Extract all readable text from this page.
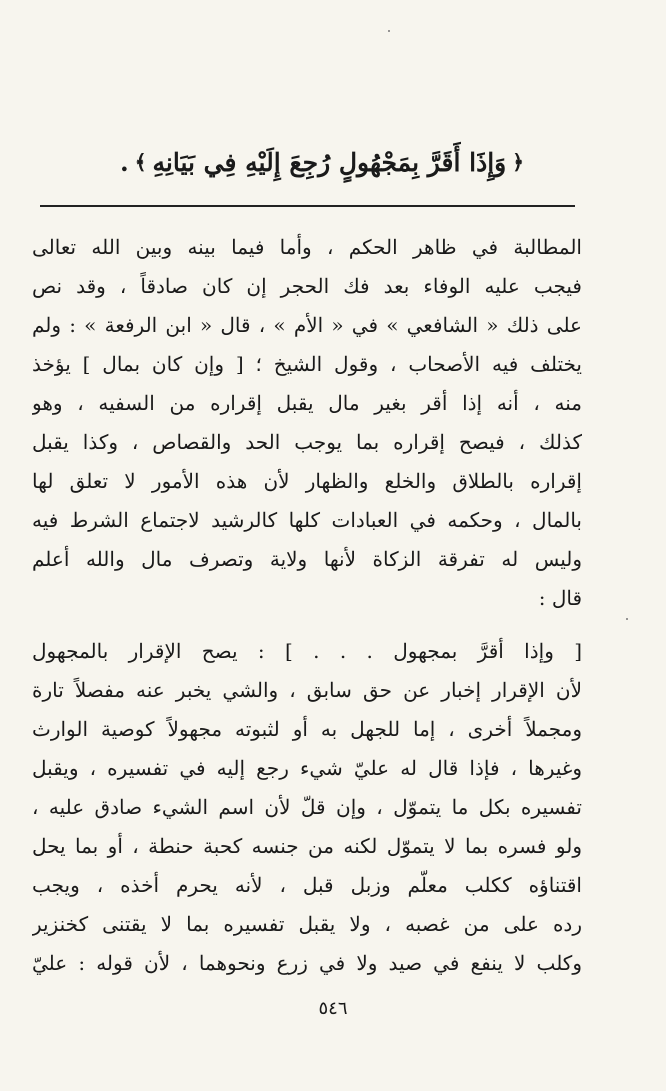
﴿
وَإِذَا أَقَرَّ بِمَجْهُولٍ رُجِعَ إِلَيْهِ فِي بَيَانِهِ
﴾
.
المطالبة في ظاهر الحكم ، وأما فيما بينه وبين الله تعالى
فيجب عليه الوفاء بعد فك الحجر إن كان صادقاً ، وقد نص
على ذلك « الشافعي » في « الأم » ، قال « ابن الرفعة » : ولم
يختلف فيه الأصحاب ، وقول الشيخ ؛ [ وإن كان بمال ] يؤخذ
منه ، أنه إذا أقر بغير مال يقبل إقراره من السفيه ، وهو
كذلك ، فيصح إقراره بما يوجب الحد والقصاص ، وكذا يقبل
إقراره بالطلاق والخلع والظهار لأن هذه الأمور لا تعلق لها
بالمال ، وحكمه في العبادات كلها كالرشيد لاجتماع الشرط فيه
وليس له تفرقة الزكاة لأنها ولاية وتصرف مال والله أعلم
قال :
[ وإذا أقرَّ بمجهول . . . ] : يصح الإقرار بالمجهول
لأن الإقرار إخبار عن حق سابق ، والشي يخبر عنه مفصلاً تارة
ومجملاً أخرى ، إما للجهل به أو لثبوته مجهولاً كوصية الوارث
وغيرها ، فإذا قال له عليّ شيء رجع إليه في تفسيره ، ويقبل
تفسيره بكل ما يتموّل ، وإن قلّ لأن اسم الشيء صادق عليه ،
ولو فسره بما لا يتموّل لكنه من جنسه كحبة حنطة ، أو بما يحل
اقتناؤه ككلب معلّم وزبل قبل ، لأنه يحرم أخذه ، ويجب
رده على من غصبه ، ولا يقبل تفسيره بما لا يقتنى كخنزير
وكلب لا ينفع في صيد ولا في زرع ونحوهما ، لأن قوله : عليّ
٥٤٦
